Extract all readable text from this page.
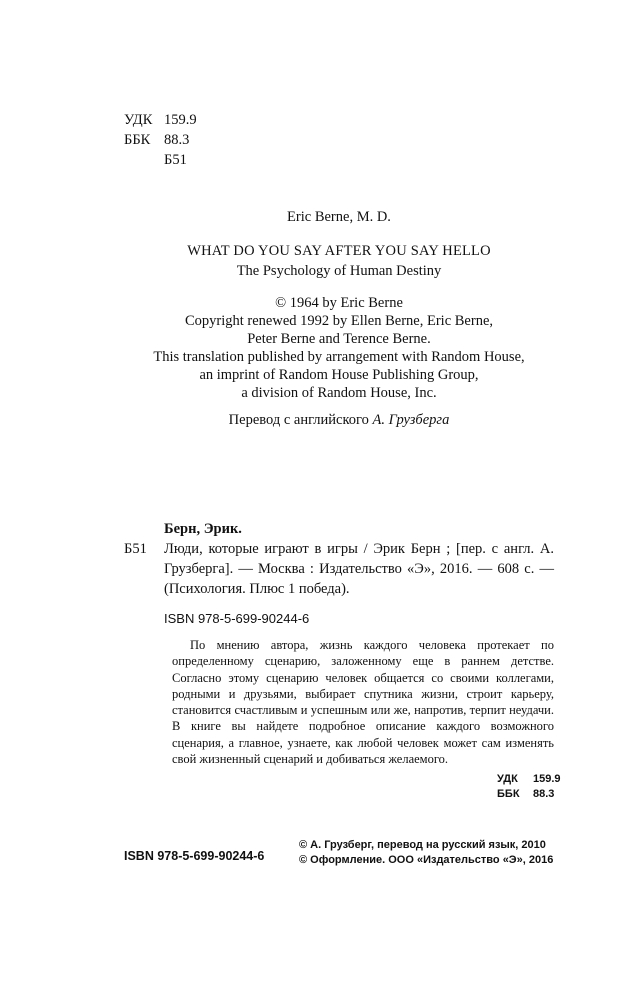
УДК 159.9
ББК 88.3
Б51
Eric Berne, M. D.
WHAT DO YOU SAY AFTER YOU SAY HELLO
The Psychology of Human Destiny
© 1964 by Eric Berne
Copyright renewed 1992 by Ellen Berne, Eric Berne,
Peter Berne and Terence Berne.
This translation published by arrangement with Random House,
an imprint of Random House Publishing Group,
a division of Random House, Inc.
Перевод с английского А. Грузберга
Берн, Эрик.
Б51 Люди, которые играют в игры / Эрик Берн ; [пер. с англ. А. Грузберга]. — Москва : Издательство «Э», 2016. — 608 с. — (Психология. Плюс 1 победа).
ISBN 978-5-699-90244-6
По мнению автора, жизнь каждого человека протекает по определенному сценарию, заложенному еще в раннем детстве. Согласно этому сценарию человек общается со своими коллегами, родными и друзьями, выбирает спутника жизни, строит карьеру, становится счастливым и успешным или же, напротив, терпит неудачи. В книге вы найдете подробное описание каждого возможного сценария, а главное, узнаете, как любой человек может сам изменять свой жизненный сценарий и добиваться желаемого.
УДК 159.9
ББК 88.3
ISBN 978-5-699-90244-6
© А. Грузберг, перевод на русский язык, 2010
© Оформление. ООО «Издательство «Э», 2016
